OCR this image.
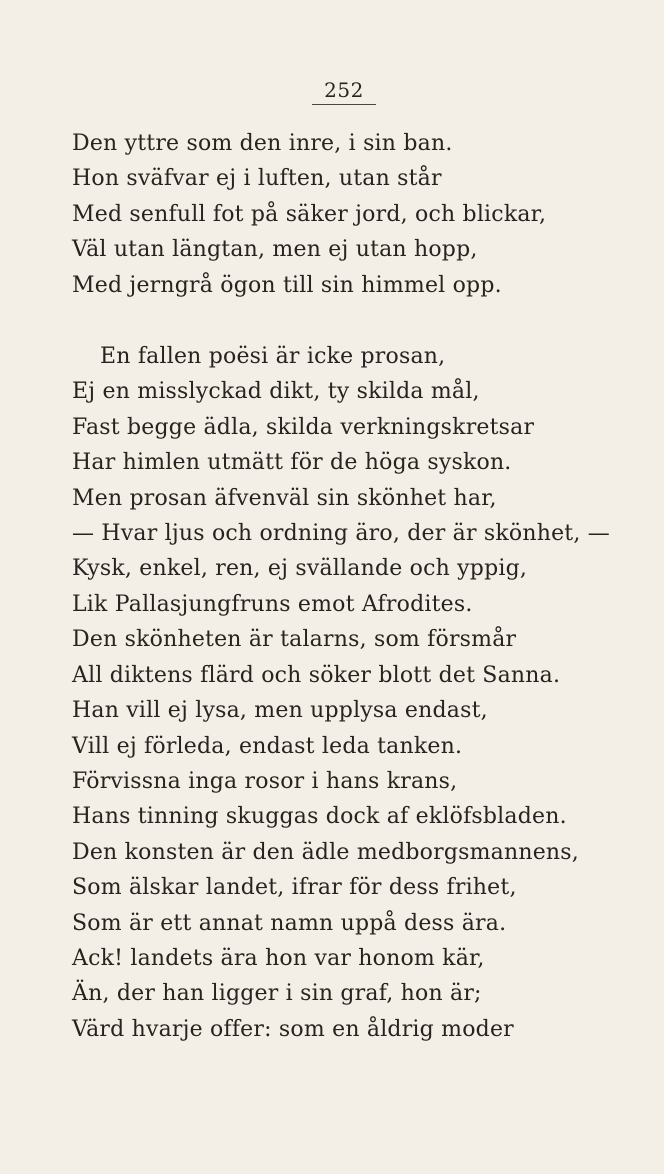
252
Den yttre som den inre, i sin ban.
Hon sväfvar ej i luften, utan står
Med senfull fot på säker jord, och blickar,
Väl utan längtan, men ej utan hopp,
Med jerngrå ögon till sin himmel opp.
En fallen poësi är icke prosan,
Ej en misslyckad dikt, ty skilda mål,
Fast begge ädla, skilda verkningskretsar
Har himlen utmätt för de höga syskon.
Men prosan äfvenväl sin skönhet har,
— Hvar ljus och ordning äro, der är skönhet, —
Kysk, enkel, ren, ej svällande och yppig,
Lik Pallasjungfruns emot Afrodites.
Den skönheten är talarns, som försmår
All diktens flärd och söker blott det Sanna.
Han vill ej lysa, men upplysa endast,
Vill ej förleda, endast leda tanken.
Förvissna inga rosor i hans krans,
Hans tinning skuggas dock af eklöfsbladen.
Den konsten är den ädle medborgsmannens,
Som älskar landet, ifrar för dess frihet,
Som är ett annat namn uppå dess ära.
Ack! landets ära hon var honom kär,
Än, der han ligger i sin graf, hon är;
Värd hvarje offer: som en åldrig moder
